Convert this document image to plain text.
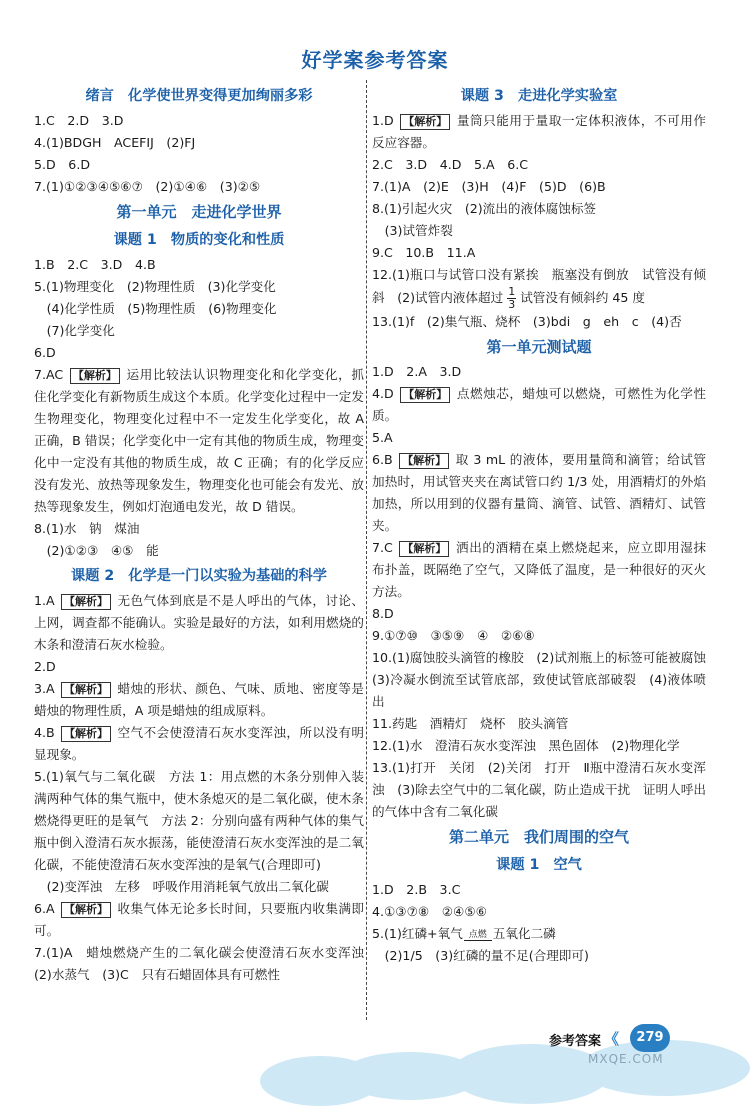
好学案参考答案

绪言　化学使世界变得更加绚丽多彩

1.C　2.D　3.D

4.(1)BDGH　ACEFIJ　(2)FJ

5.D　6.D

7.(1)①②③④⑤⑥⑦　(2)①④⑥　(3)②⑤

第一单元　走进化学世界

课题 1　物质的变化和性质

1.B　2.C　3.D　4.B

5.(1)物理变化　(2)物理性质　(3)化学变化

　(4)化学性质　(5)物理性质　(6)物理变化

　(7)化学变化

6.D

7.AC 【解析】 运用比较法认识物理变化和化学变化，抓住化学变化有新物质生成这个本质。化学变化过程中一定发生物理变化，物理变化过程中不一定发生化学变化，故 A 正确，B 错误；化学变化中一定有其他的物质生成，物理变化中一定没有其他的物质生成，故 C 正确；有的化学反应没有发光、放热等现象发生，物理变化也可能会有发光、放热等现象发生，例如灯泡通电发光，故 D 错误。

8.(1)水　钠　煤油

　(2)①②③　④⑤　能

课题 2　化学是一门以实验为基础的科学

1.A 【解析】 无色气体到底是不是人呼出的气体，讨论、上网，调查都不能确认。实验是最好的方法，如利用燃烧的木条和澄清石灰水检验。

2.D

3.A 【解析】 蜡烛的形状、颜色、气味、质地、密度等是蜡烛的物理性质，A 项是蜡烛的组成原料。

4.B 【解析】 空气不会使澄清石灰水变浑浊，所以没有明显现象。

5.(1)氧气与二氧化碳　方法 1：用点燃的木条分别伸入装满两种气体的集气瓶中，使木条熄灭的是二氧化碳，使木条燃烧得更旺的是氧气　方法 2：分别向盛有两种气体的集气瓶中倒入澄清石灰水振荡，能使澄清石灰水变浑浊的是二氧化碳，不能使澄清石灰水变浑浊的是氧气(合理即可)

　(2)变浑浊　左移　呼吸作用消耗氧气放出二氧化碳

6.A 【解析】 收集气体无论多长时间，只要瓶内收集满即可。

7.(1)A　蜡烛燃烧产生的二氧化碳会使澄清石灰水变浑浊　(2)水蒸气　(3)C　只有石蜡固体具有可燃性

课题 3　走进化学实验室

1.D 【解析】 量筒只能用于量取一定体积液体，不可用作反应容器。

2.C　3.D　4.D　5.A　6.C

7.(1)A　(2)E　(3)H　(4)F　(5)D　(6)B

8.(1)引起火灾　(2)流出的液体腐蚀标签

　(3)试管炸裂

9.C　10.B　11.A

12.(1)瓶口与试管口没有紧挨　瓶塞没有倒放　试管没有倾斜　(2)试管内液体超过 $\frac{1}{3}$ 试管没有倾斜约 45 度

13.(1)f　(2)集气瓶、烧杯　(3)bdi　g　eh　c　(4)否

第一单元测试题

1.D　2.A　3.D

4.D 【解析】 点燃烛芯，蜡烛可以燃烧，可燃性为化学性质。

5.A

6.B 【解析】 取 3 mL 的液体，要用量筒和滴管；给试管加热时，用试管夹夹在离试管口约 1/3 处，用酒精灯的外焰加热，所以用到的仪器有量筒、滴管、试管、酒精灯、试管夹。

7.C 【解析】 洒出的酒精在桌上燃烧起来，应立即用湿抹布扑盖，既隔绝了空气，又降低了温度，是一种很好的灭火方法。

8.D

9.①⑦⑩　③⑤⑨　④　②⑥⑧

10.(1)腐蚀胶头滴管的橡胶　(2)试剂瓶上的标签可能被腐蚀　(3)冷凝水倒流至试管底部，致使试管底部破裂　(4)液体喷出

11.药匙　酒精灯　烧杯　胶头滴管

12.(1)水　澄清石灰水变浑浊　黑色固体　(2)物理化学

13.(1)打开　关闭　(2)关闭　打开　Ⅱ瓶中澄清石灰水变浑浊　(3)除去空气中的二氧化碳，防止造成干扰　证明人呼出的气体中含有二氧化碳

第二单元　我们周围的空气

课题 1　空气

1.D　2.B　3.C

4.①③⑦⑧　②④⑤⑥

5.(1)红磷+氧气 点燃 五氧化二磷

　(2)1/5　(3)红磷的量不足(合理即可)

参考答案 《	279
MXQE.COM
